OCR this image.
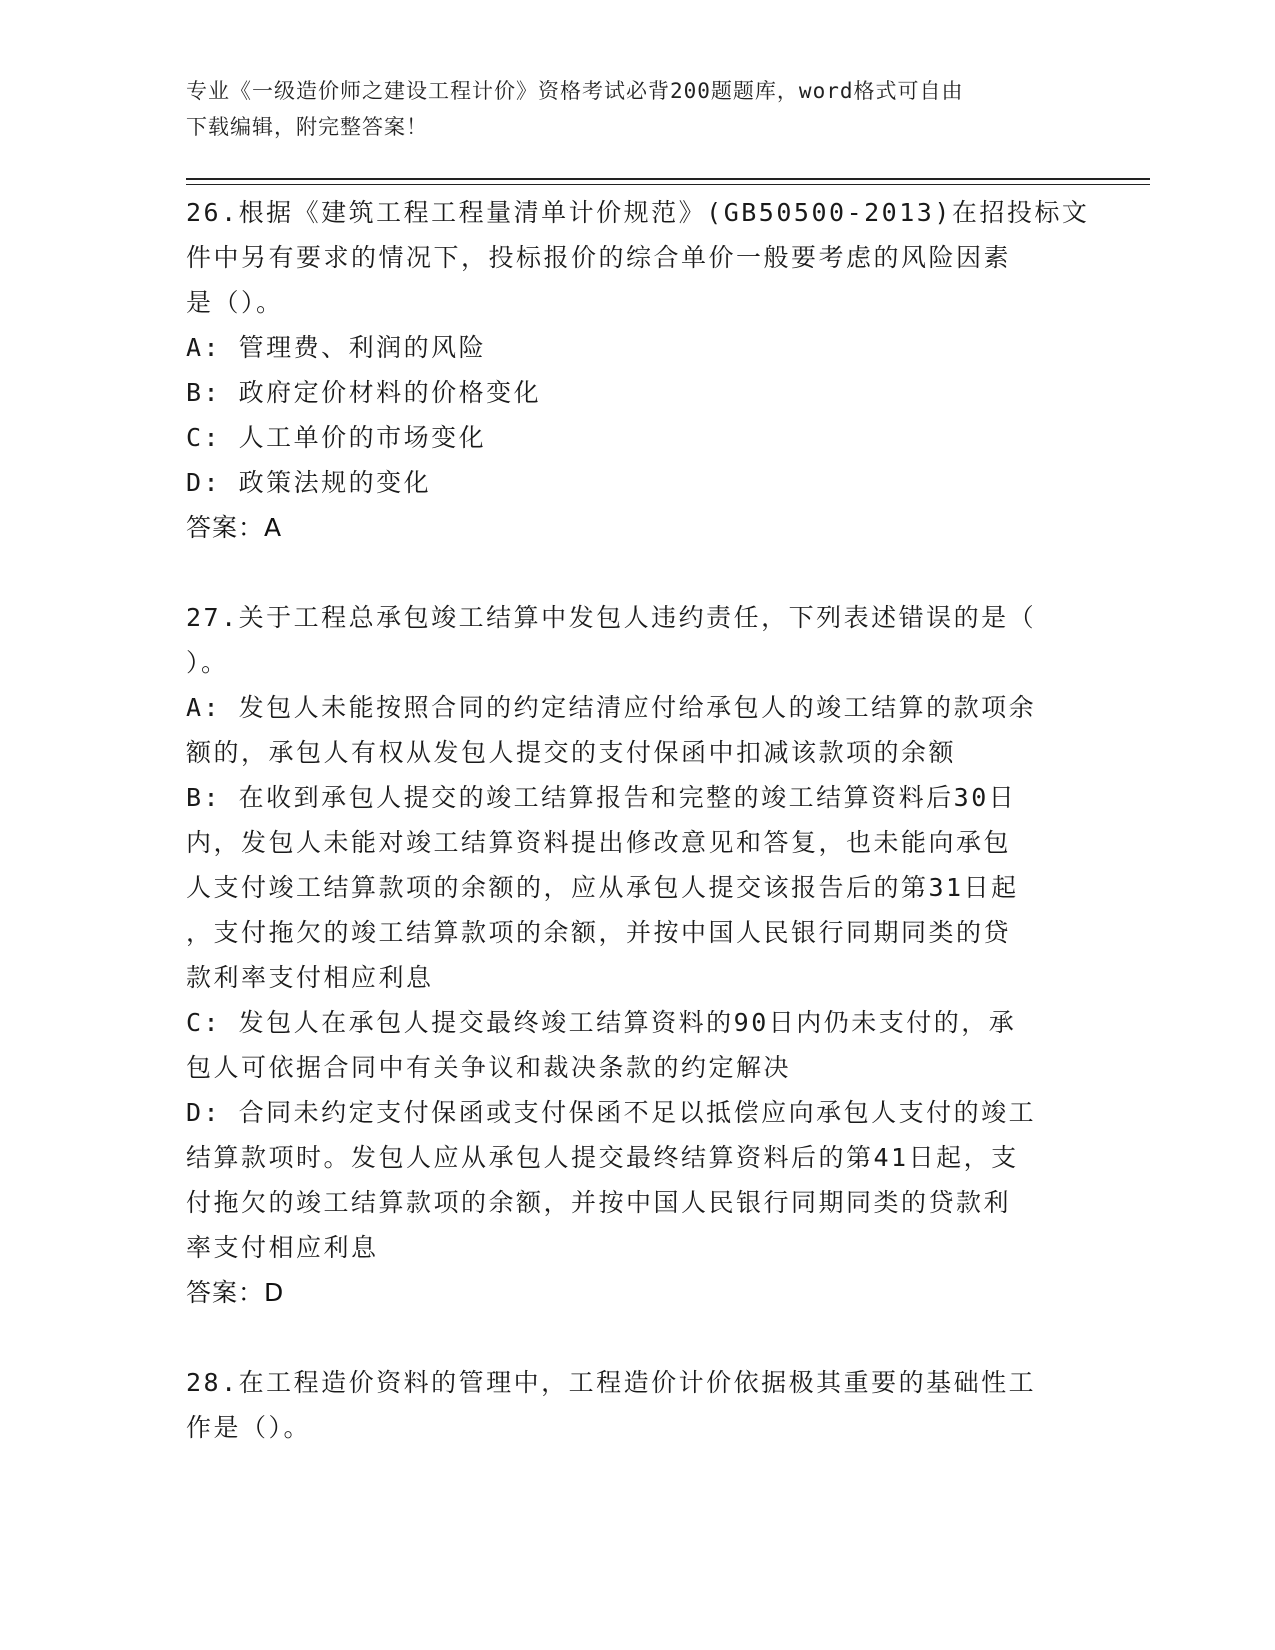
专业《一级造价师之建设工程计价》资格考试必背200题题库，word格式可自由
下载编辑，附完整答案！
26.根据《建筑工程工程量清单计价规范》(GB50500-2013)在招投标文
件中另有要求的情况下，投标报价的综合单价一般要考虑的风险因素
是（）。
A: 管理费、利润的风险
B: 政府定价材料的价格变化
C: 人工单价的市场变化
D: 政策法规的变化
答案：A
27.关于工程总承包竣工结算中发包人违约责任，下列表述错误的是（
）。
A: 发包人未能按照合同的约定结清应付给承包人的竣工结算的款项余
额的，承包人有权从发包人提交的支付保函中扣减该款项的余额
B: 在收到承包人提交的竣工结算报告和完整的竣工结算资料后30日
内，发包人未能对竣工结算资料提出修改意见和答复，也未能向承包
人支付竣工结算款项的余额的，应从承包人提交该报告后的第31日起
，支付拖欠的竣工结算款项的余额，并按中国人民银行同期同类的贷
款利率支付相应利息
C: 发包人在承包人提交最终竣工结算资料的90日内仍未支付的，承
包人可依据合同中有关争议和裁决条款的约定解决
D: 合同未约定支付保函或支付保函不足以抵偿应向承包人支付的竣工
结算款项时。发包人应从承包人提交最终结算资料后的第41日起，支
付拖欠的竣工结算款项的余额，并按中国人民银行同期同类的贷款利
率支付相应利息
答案：D
28.在工程造价资料的管理中，工程造价计价依据极其重要的基础性工
作是（）。
